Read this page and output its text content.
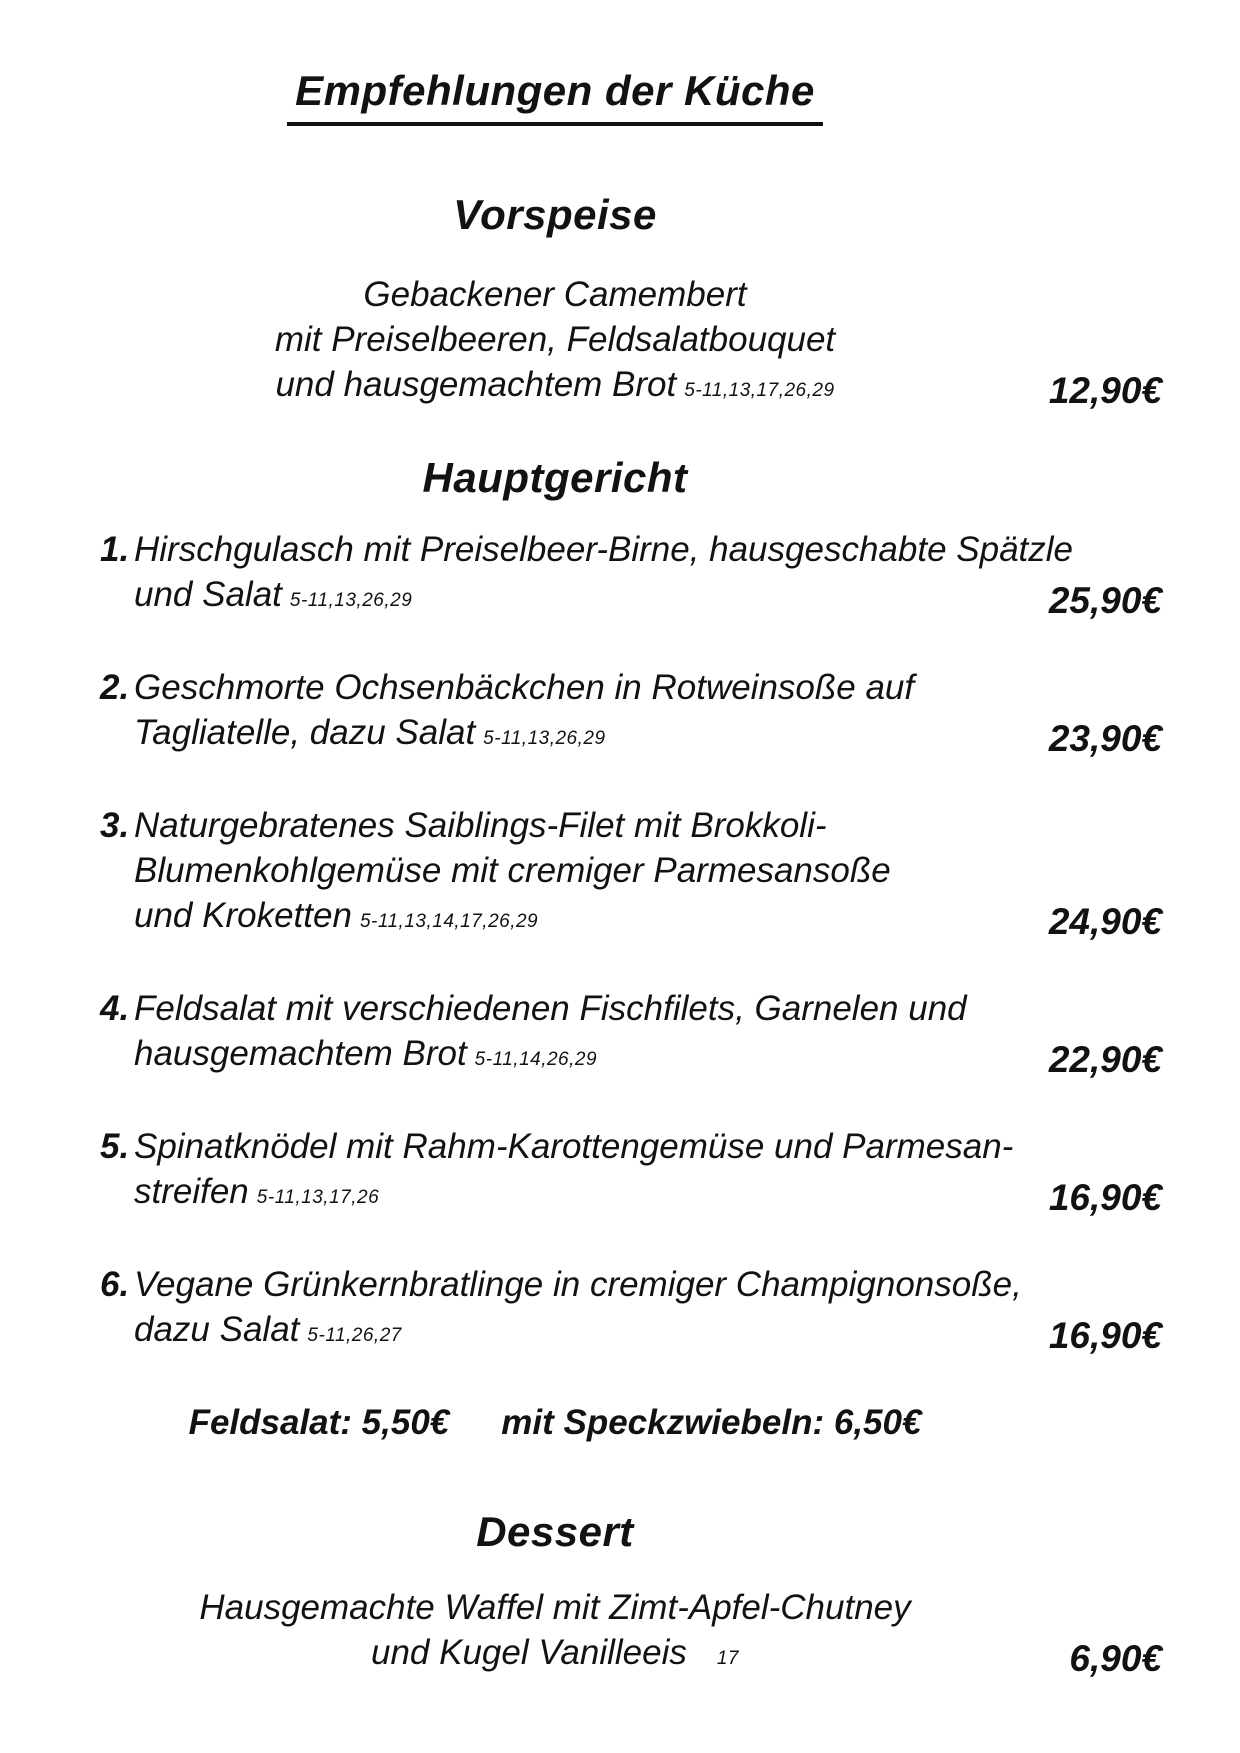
Empfehlungen der Küche
Vorspeise
Gebackener Camembert
mit Preiselbeeren, Feldsalatbouquet
und hausgemachtem Brot 5-11,13,17,26,29	12,90€
Hauptgericht
1. Hirschgulasch mit Preiselbeer-Birne, hausgeschabte Spätzle
und Salat 5-11,13,26,29	25,90€
2. Geschmorte Ochsenbäckchen in Rotweinsoße auf
Tagliatelle, dazu Salat 5-11,13,26,29	23,90€
3. Naturgebratenes Saiblings-Filet mit Brokkoli-
Blumenkohlgemüse mit cremiger Parmesansoße
und Kroketten 5-11,13,14,17,26,29	24,90€
4. Feldsalat mit verschiedenen Fischfilets, Garnelen und
hausgemachtem Brot 5-11,14,26,29	22,90€
5. Spinatknödel mit Rahm-Karottengemüse und Parmesan-
streifen 5-11,13,17,26	16,90€
6. Vegane Grünkernbratlinge in cremiger Champignonsoße,
dazu Salat 5-11,26,27	16,90€
Feldsalat: 5,50€ mit Speckzwiebeln: 6,50€
Dessert
Hausgemachte Waffel mit Zimt-Apfel-Chutney
und Kugel Vanilleeis 17	6,90€
